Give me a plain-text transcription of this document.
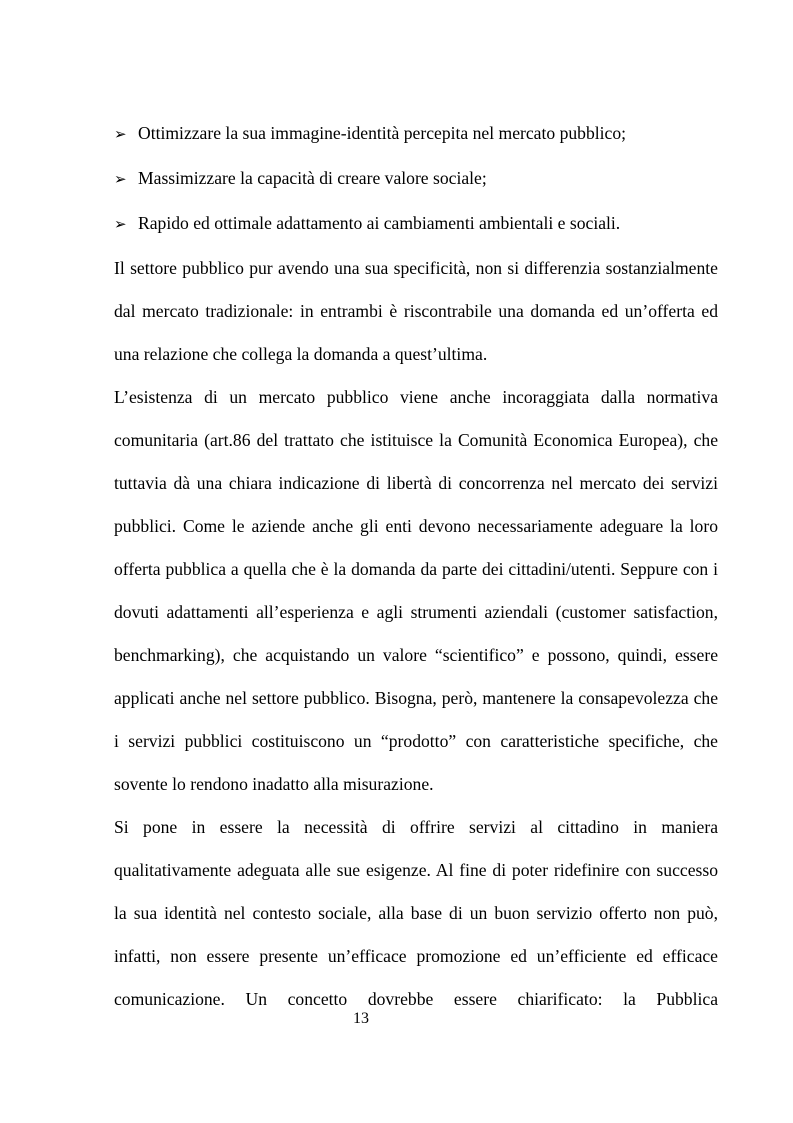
➢ Ottimizzare la sua immagine-identità percepita nel mercato pubblico;
➢ Massimizzare la capacità di creare valore sociale;
➢ Rapido ed ottimale adattamento ai cambiamenti ambientali e sociali.

Il settore pubblico pur avendo una sua specificità, non si differenzia sostanzialmente dal mercato tradizionale: in entrambi è riscontrabile una domanda ed un’offerta ed una relazione che collega la domanda a quest’ultima.

L’esistenza di un mercato pubblico viene anche incoraggiata dalla normativa comunitaria (art.86 del trattato che istituisce la Comunità Economica Europea), che tuttavia dà una chiara indicazione di libertà di concorrenza nel mercato dei servizi pubblici. Come le aziende anche gli enti devono necessariamente adeguare la loro offerta pubblica a quella che è la domanda da parte dei cittadini/utenti. Seppure con i dovuti adattamenti all’esperienza e agli strumenti aziendali (customer satisfaction, benchmarking), che acquistando un valore “scientifico” e possono, quindi, essere applicati anche nel settore pubblico. Bisogna, però, mantenere la consapevolezza che i servizi pubblici costituiscono un “prodotto” con caratteristiche specifiche, che sovente lo rendono inadatto alla misurazione.

Si pone in essere la necessità di offrire servizi al cittadino in maniera qualitativamente adeguata alle sue esigenze. Al fine di poter ridefinire con successo la sua identità nel contesto sociale, alla base di un buon servizio offerto non può, infatti, non essere presente un’efficace promozione ed un’efficiente ed efficace comunicazione. Un concetto dovrebbe essere chiarificato: la Pubblica

13
